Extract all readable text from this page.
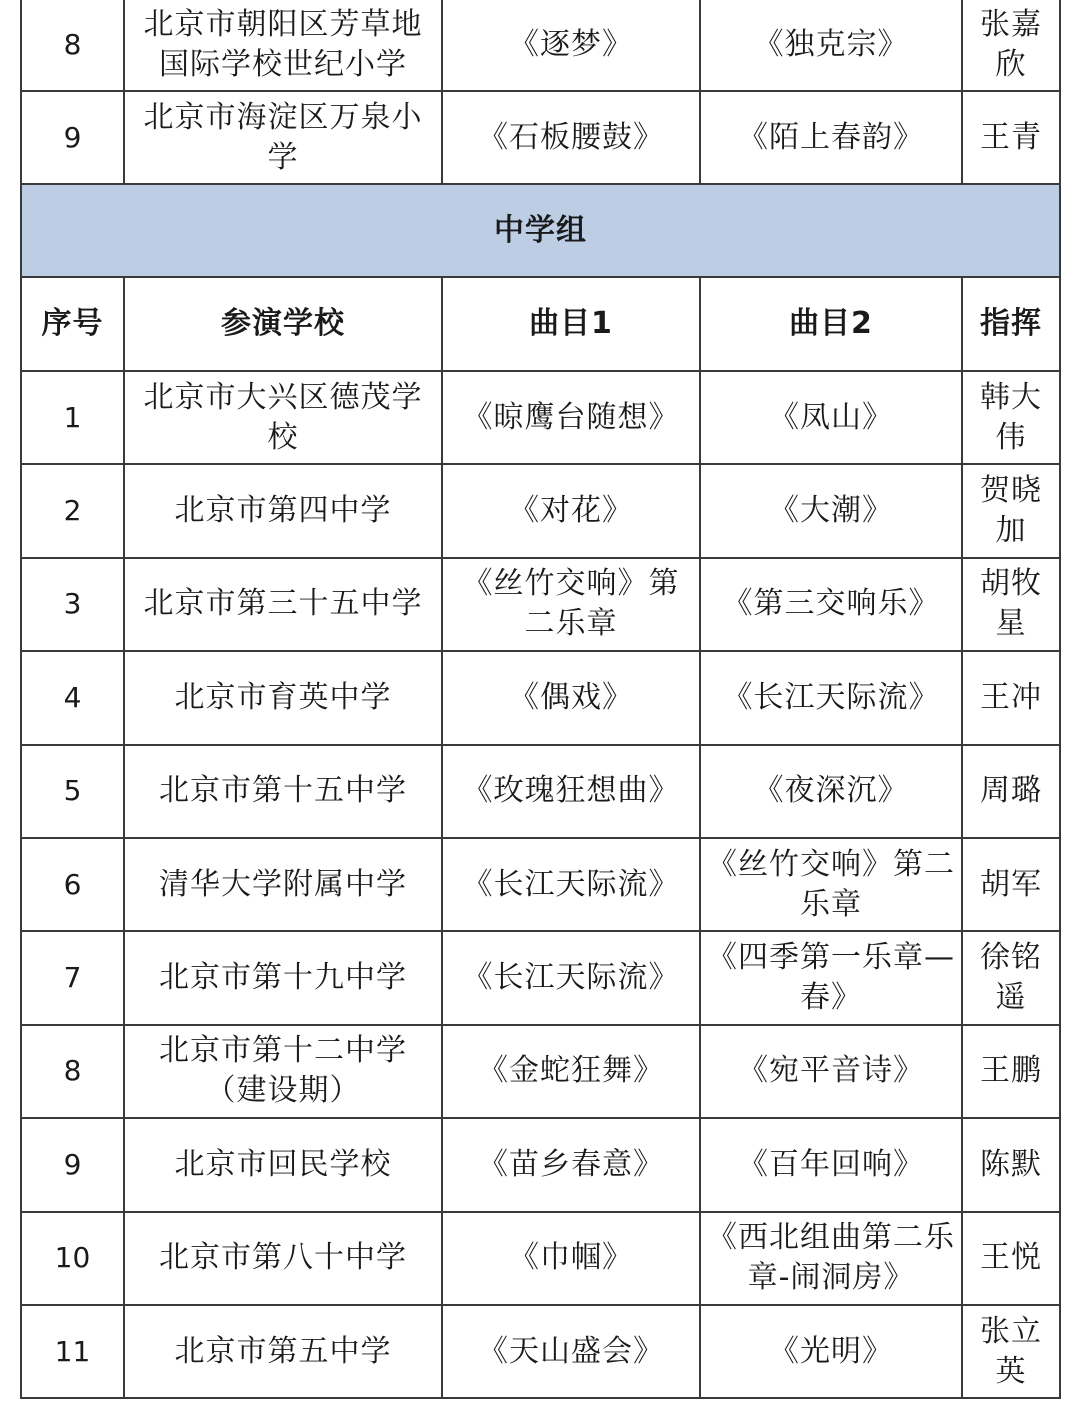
8	北京市朝阳区芳草地国际学校世纪小学	《逐梦》	《独克宗》	张嘉欣
9	北京市海淀区万泉小学	《石板腰鼓》	《陌上春韵》	王青
中学组				
序号	参演学校	曲目1	曲目2	指挥
1	北京市大兴区德茂学校	《晾鹰台随想》	《凤山》	韩大伟
2	北京市第四中学	《对花》	《大潮》	贺晓加
3	北京市第三十五中学	《丝竹交响》第二乐章	《第三交响乐》	胡牧星
4	北京市育英中学	《偶戏》	《长江天际流》	王冲
5	北京市第十五中学	《玫瑰狂想曲》	《夜深沉》	周璐
6	清华大学附属中学	《长江天际流》	《丝竹交响》第二乐章	胡军
7	北京市第十九中学	《长江天际流》	《四季第一乐章—春》	徐铭遥
8	北京市第十二中学（建设期）	《金蛇狂舞》	《宛平音诗》	王鹏
9	北京市回民学校	《苗乡春意》	《百年回响》	陈默
10	北京市第八十中学	《巾帼》	《西北组曲第二乐章-闹洞房》	王悦
11	北京市第五中学	《天山盛会》	《光明》	张立英
